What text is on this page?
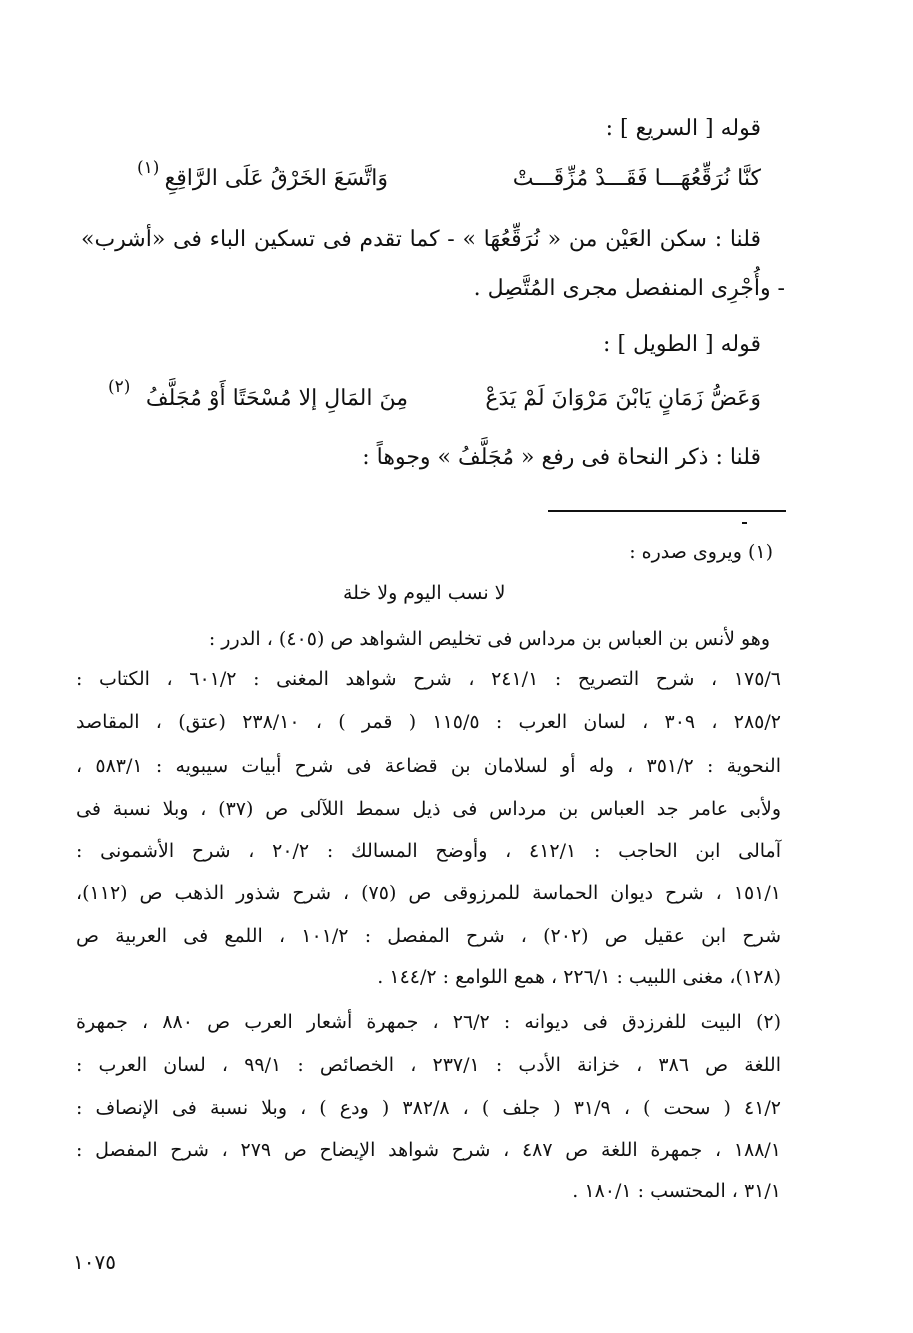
قوله [ السريع ] :
كنَّا نُرَقِّعُهَـــا فَقَـــدْ مُزِّقَـــتْ
وَاتَّسَعَ الخَرْقُ عَلَى الرَّاقِعِ
(١)
قلنا : سكن العَيْن من « نُرَقِّعُهَا » - كما تقدم فى تسكين الباء فى «أشرب»
- وأُجْرِى المنفصل مجرى المُتَّصِل .
قوله [ الطويل ] :
وَعَضُّ زَمَانٍ يَابْنَ مَرْوَانَ لَمْ يَدَعْ
مِنَ المَالِ إلا مُسْحَتًا أَوْ مُجَلَّفُ
(٢)
قلنا : ذكر النحاة فى رفع « مُجَلَّفُ » وجوهاً :
(١) ويروى صدره :
لا نسب اليوم ولا خلة
وهو لأنس بن العباس بن مرداس فى تخليص الشواهد ص (٤٠٥) ، الدرر :
١٧٥/٦ ، شرح التصريح : ٢٤١/١ ، شرح شواهد المغنى : ٦٠١/٢ ، الكتاب :
٢٨٥/٢ ، ٣٠٩ ، لسان العرب : ١١٥/٥ ( قمر ) ، ٢٣٨/١٠ (عتق) ، المقاصد
النحوية : ٣٥١/٢ ، وله أو لسلامان بن قضاعة فى شرح أبيات سيبويه : ٥٨٣/١ ،
ولأبى عامر جد العباس بن مرداس فى ذيل سمط اللآلى ص (٣٧) ، وبلا نسبة فى
آمالى ابن الحاجب : ٤١٢/١ ، وأوضح المسالك : ٢٠/٢ ، شرح الأشمونى :
١٥١/١ ، شرح ديوان الحماسة للمرزوقى ص (٧٥) ، شرح شذور الذهب ص (١١٢)،
شرح ابن عقيل ص (٢٠٢) ، شرح المفصل : ١٠١/٢ ، اللمع فى العربية ص
(١٢٨)، مغنى اللبيب : ٢٢٦/١ ، همع اللوامع : ١٤٤/٢ .
(٢) البيت للفرزدق فى ديوانه : ٢٦/٢ ، جمهرة أشعار العرب ص ٨٨٠ ، جمهرة
اللغة ص ٣٨٦ ، خزانة الأدب : ٢٣٧/١ ، الخصائص : ٩٩/١ ، لسان العرب :
٤١/٢ ( سحت ) ، ٣١/٩ ( جلف ) ، ٣٨٢/٨ ( ودع ) ، وبلا نسبة فى الإنصاف :
١٨٨/١ ، جمهرة اللغة ص ٤٨٧ ، شرح شواهد الإيضاح ص ٢٧٩ ، شرح المفصل :
٣١/١ ، المحتسب : ١٨٠/١ .
١٠٧٥
